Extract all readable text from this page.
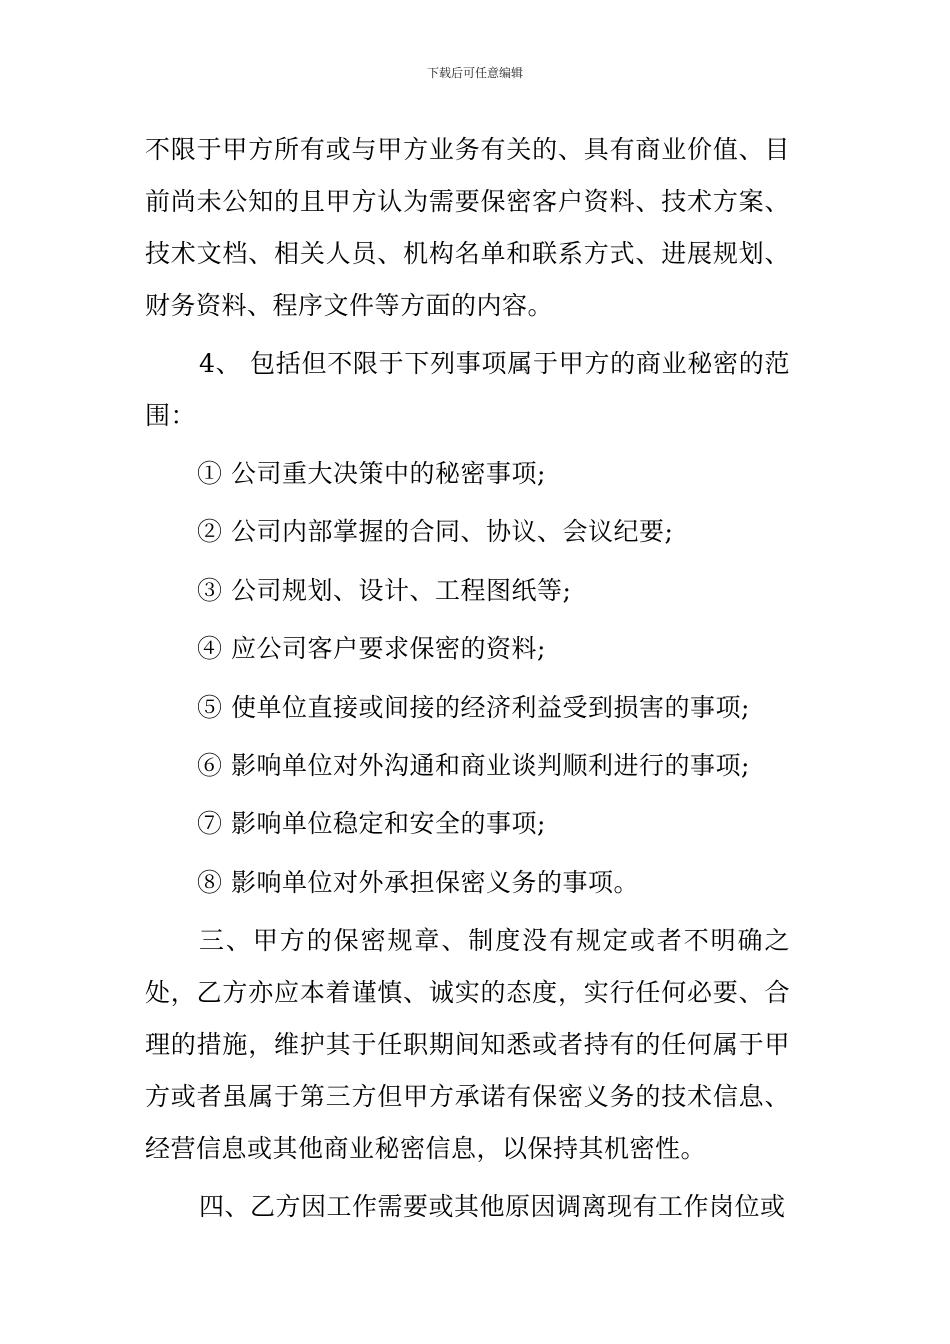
下载后可任意编辑

不限于甲方所有或与甲方业务有关的、具有商业价值、目前尚未公知的且甲方认为需要保密客户资料、技术方案、技术文档、相关人员、机构名单和联系方式、进展规划、财务资料、程序文件等方面的内容。

4、 包括但不限于下列事项属于甲方的商业秘密的范围：

① 公司重大决策中的秘密事项;

② 公司内部掌握的合同、协议、会议纪要;

③ 公司规划、设计、工程图纸等;

④ 应公司客户要求保密的资料;

⑤ 使单位直接或间接的经济利益受到损害的事项;

⑥ 影响单位对外沟通和商业谈判顺利进行的事项;

⑦ 影响单位稳定和安全的事项;

⑧ 影响单位对外承担保密义务的事项。

三、甲方的保密规章、制度没有规定或者不明确之处，乙方亦应本着谨慎、诚实的态度，实行任何必要、合理的措施，维护其于任职期间知悉或者持有的任何属于甲方或者虽属于第三方但甲方承诺有保密义务的技术信息、经营信息或其他商业秘密信息，以保持其机密性。

四、乙方因工作需要或其他原因调离现有工作岗位或
